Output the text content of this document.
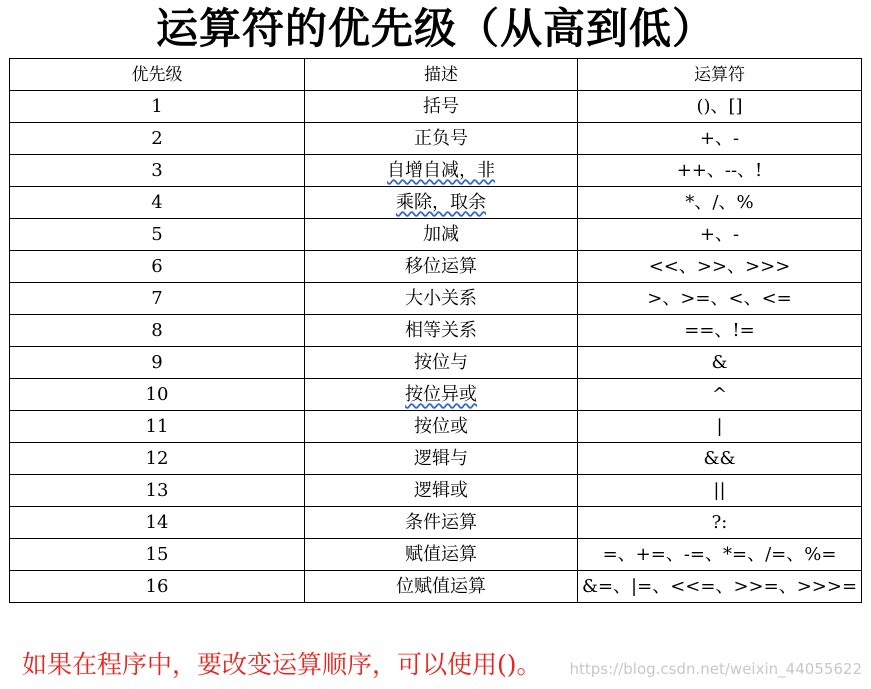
运算符的优先级（从高到低）
优先级	描述	运算符
1	括号	()、[]
2	正负号	+、-
3	自增自减，非	++、--、!
4	乘除，取余	*、/、%
5	加减	+、-
6	移位运算	<<、>>、>>>
7	大小关系	>、>=、<、<=
8	相等关系	==、!=
9	按位与	&
10	按位异或	^
11	按位或	|
12	逻辑与	&&
13	逻辑或	||
14	条件运算	?:
15	赋值运算	=、+=、-=、*=、/=、%=
16	位赋值运算	&=、|=、<<=、>>=、>>>=
如果在程序中，要改变运算顺序，可以使用()。 https://blog.csdn.net/weixin_44055622
